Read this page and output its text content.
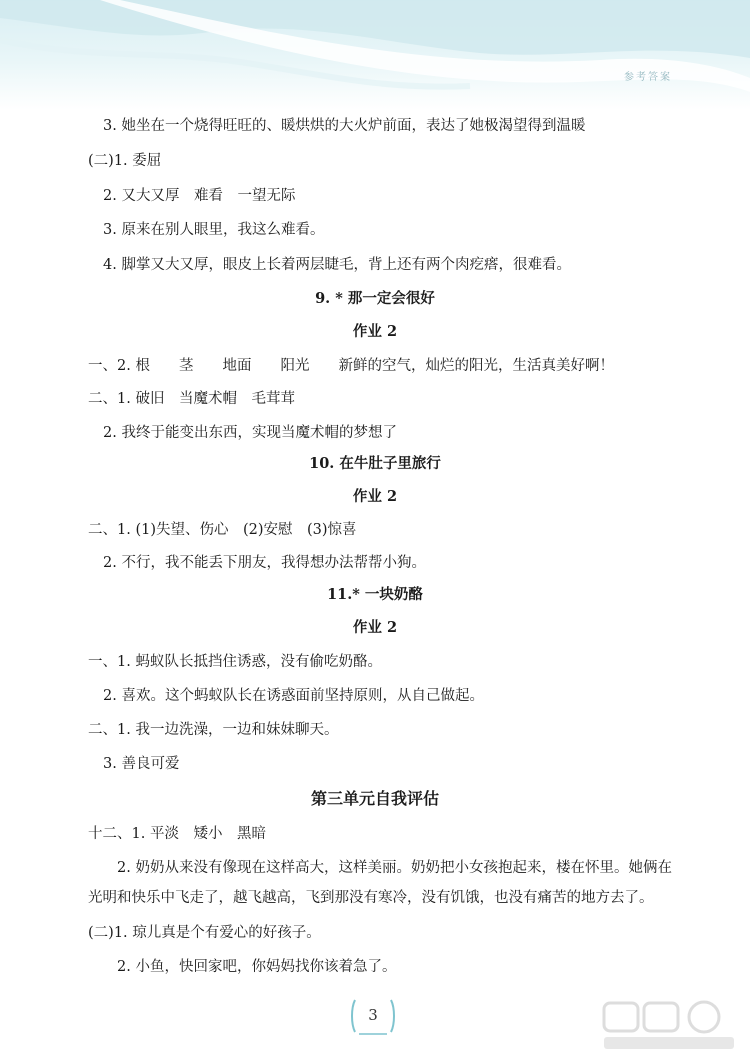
参考答案
3. 她坐在一个烧得旺旺的、暖烘烘的大火炉前面，表达了她极渴望得到温暖
(二)1. 委屈
2. 又大又厚　难看　一望无际
3. 原来在别人眼里，我这么难看。
4. 脚掌又大又厚，眼皮上长着两层睫毛，背上还有两个肉疙瘩，很难看。
9. * 那一定会很好
作业 2
一、2. 根　　茎　　地面　　阳光　　新鲜的空气，灿烂的阳光，生活真美好啊！
二、1. 破旧　当魔术帽　毛茸茸
2. 我终于能变出东西，实现当魔术帽的梦想了
10. 在牛肚子里旅行
作业 2
二、1. (1)失望、伤心　(2)安慰　(3)惊喜
2. 不行，我不能丢下朋友，我得想办法帮帮小狗。
11.* 一块奶酪
作业 2
一、1. 蚂蚁队长抵挡住诱惑，没有偷吃奶酪。
2. 喜欢。这个蚂蚁队长在诱惑面前坚持原则，从自己做起。
二、1. 我一边洗澡，一边和妹妹聊天。
3. 善良可爱
第三单元自我评估
十二、1. 平淡　矮小　黑暗
2. 奶奶从来没有像现在这样高大，这样美丽。奶奶把小女孩抱起来，楼在怀里。她俩在
光明和快乐中飞走了，越飞越高，飞到那没有寒冷，没有饥饿，也没有痛苦的地方去了。
(二)1. 琼儿真是个有爱心的好孩子。
2. 小鱼，快回家吧，你妈妈找你该着急了。
3
